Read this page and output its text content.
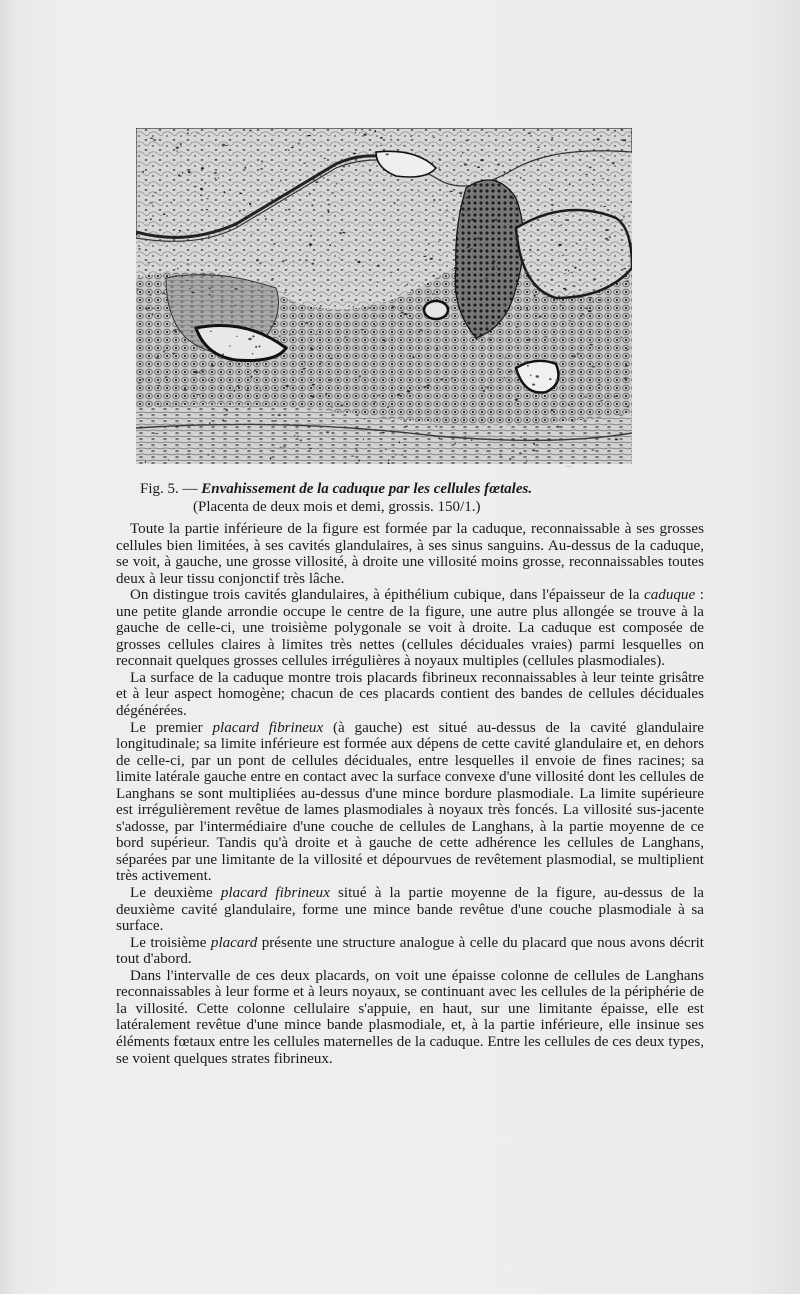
—
Fig. 5. — Envahissement de la caduque par les cellules fœtales.
(Placenta de deux mois et demi, grossis. 150/1.)

Toute la partie inférieure de la figure est formée par la caduque, reconnaissable à ses grosses cellules bien limitées, à ses cavités glandulaires, à ses sinus sanguins. Au-dessus de la caduque, se voit, à gauche, une grosse villosité, à droite une villosité moins grosse, reconnaissables toutes deux à leur tissu conjonctif très lâche.

On distingue trois cavités glandulaires, à épithélium cubique, dans l'épaisseur de la caduque : une petite glande arrondie occupe le centre de la figure, une autre plus allongée se trouve à la gauche de celle-ci, une troisième polygonale se voit à droite. La caduque est composée de grosses cellules claires à limites très nettes (cellules déciduales vraies) parmi lesquelles on reconnait quelques grosses cellules irrégulières à noyaux multiples (cellules plasmodiales).

La surface de la caduque montre trois placards fibrineux reconnaissables à leur teinte grisâtre et à leur aspect homogène; chacun de ces placards contient des bandes de cellules déciduales dégénérées.

Le premier placard fibrineux (à gauche) est situé au-dessus de la cavité glandulaire longitudinale; sa limite inférieure est formée aux dépens de cette cavité glandulaire et, en dehors de celle-ci, par un pont de cellules déciduales, entre lesquelles il envoie de fines racines; sa limite latérale gauche entre en contact avec la surface convexe d'une villosité dont les cellules de Langhans se sont multipliées au-dessus d'une mince bordure plasmodiale. La limite supérieure est irrégulièrement revêtue de lames plasmodiales à noyaux très foncés. La villosité sus-jacente s'adosse, par l'intermédiaire d'une couche de cellules de Langhans, à la partie moyenne de ce bord supérieur. Tandis qu'à droite et à gauche de cette adhérence les cellules de Langhans, séparées par une limitante de la villosité et dépourvues de revêtement plasmodial, se multiplient très activement.

Le deuxième placard fibrineux situé à la partie moyenne de la figure, au-dessus de la deuxième cavité glandulaire, forme une mince bande revêtue d'une couche plasmodiale à sa surface.

Le troisième placard présente une structure analogue à celle du placard que nous avons décrit tout d'abord.

Dans l'intervalle de ces deux placards, on voit une épaisse colonne de cellules de Langhans reconnaissables à leur forme et à leurs noyaux, se continuant avec les cellules de la périphérie de la villosité. Cette colonne cellulaire s'appuie, en haut, sur une limitante épaisse, elle est latéralement revêtue d'une mince bande plasmodiale, et, à la partie inférieure, elle insinue ses éléments fœtaux entre les cellules maternelles de la caduque. Entre les cellules de ces deux types, se voient quelques strates fibrineux.
